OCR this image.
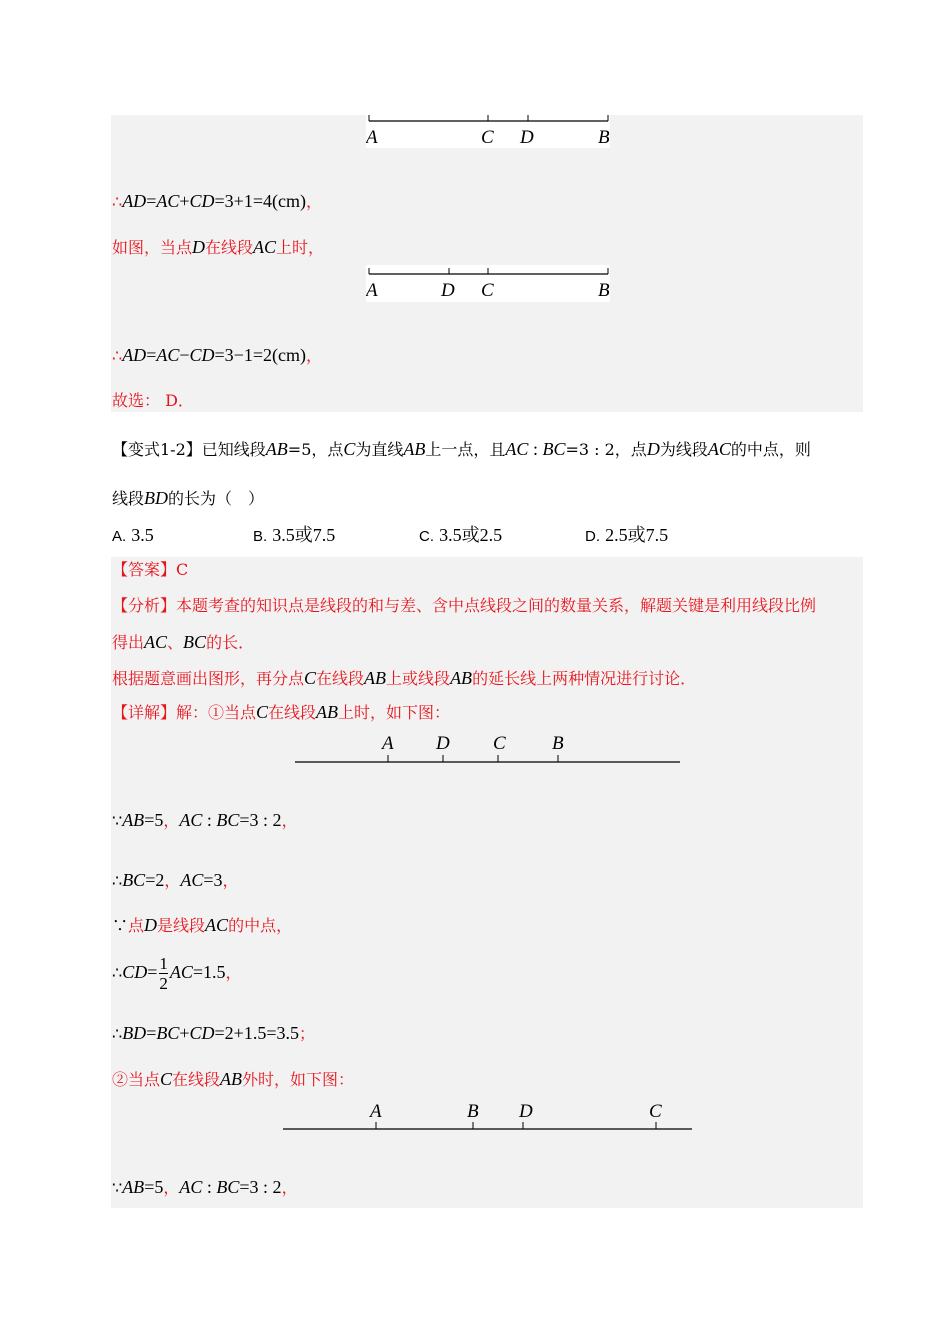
A	C D	B
A	D C	B
A D C B
A	B D	C
∴AD=AC+CD=3+1=4(cm)，
如图，当点D在线段AC上时，
∴AD=AC−CD=3−1=2(cm)，
故选： D．
【变式1-2】已知线段AB=5，点C为直线AB上一点，且AC : BC=3 : 2，点D为线段AC的中点，则
线段BD的长为（　）
【答案】C
【分析】本题考查的知识点是线段的和与差、含中点线段之间的数量关系，解题关键是利用线段比例
得出AC、BC的长．
根据题意画出图形，再分点C在线段AB上或线段AB的延长线上两种情况进行讨论．
【详解】解：①当点C在线段AB上时，如下图：
∵AB=5，AC : BC=3 : 2，
∴BC=2，AC=3，
∵点D是线段AC的中点，
∴BD=BC+CD=2+1.5=3.5；
②当点C在线段AB外时，如下图：
∵AB=5，AC : BC=3 : 2，
A. 3.5	B. 3.5或7.5	C. 3.5或2.5	D. 2.5或7.5
∴CD= $\frac{1}{2} AC=1.5$，
